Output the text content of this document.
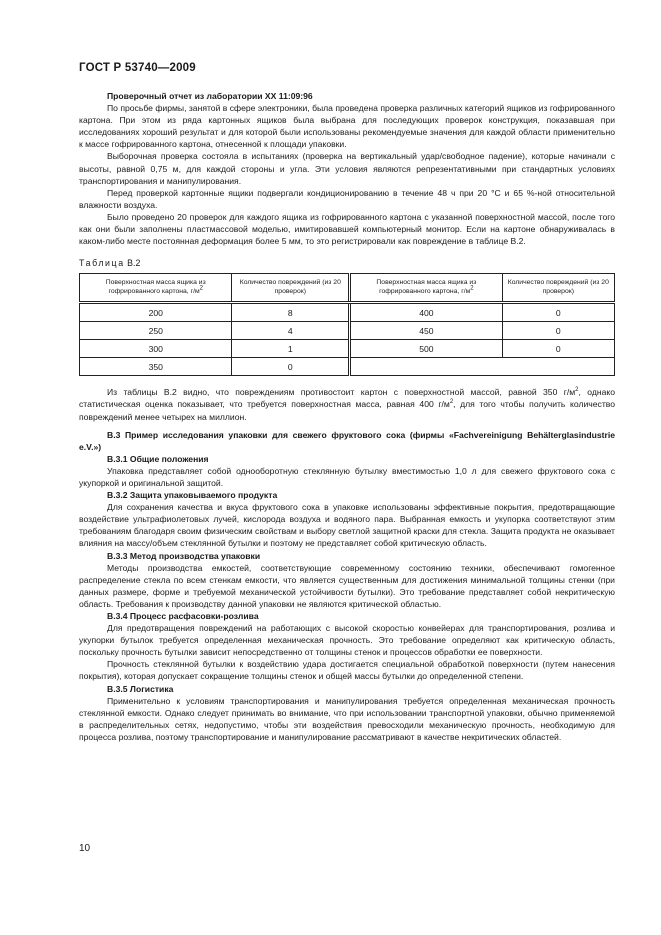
ГОСТ Р 53740—2009

Проверочный отчет из лаборатории XX 11:09:96

По просьбе фирмы, занятой в сфере электроники, была проведена проверка различных категорий ящиков из гофрированного картона. При этом из ряда картонных ящиков была выбрана для последующих проверок конструкция, показавшая при исследованиях хороший результат и для которой были использованы рекомендуемые значения для каждой области применительно к массе гофрированного картона, отнесенной к площади упаковки.

Выборочная проверка состояла в испытаниях (проверка на вертикальный удар/свободное падение), которые начинали с высоты, равной 0,75 м, для каждой стороны и угла. Эти условия являются репрезентативными при стандартных условиях транспортирования и манипулирования.

Перед проверкой картонные ящики подвергали кондиционированию в течение 48 ч при 20 °С и 65 %-ной относительной влажности воздуха.

Было проведено 20 проверок для каждого ящика из гофрированного картона с указанной поверхностной массой, после того как они были заполнены пластмассовой моделью, имитировавшей компьютерный монитор. Если на картоне обнаруживалась в каком-либо месте постоянная деформация более 5 мм, то это регистрировали как повреждение в таблице В.2.

Таблица В.2
Поверхностная масса ящика из гофрированного картона, $г/м^2$	Количество повреждений (из 20 проверок)	Поверхностная масса ящика из гофрированного картона, $г/м^2$	Количество повреждений (из 20 проверок)
200	8	400	0
250	4	450	0
300	1	500	0
350	0		

Из таблицы В.2 видно, что повреждениям противостоит картон с поверхностной массой, равной 350 $г/м^2$, однако статистическая оценка показывает, что требуется поверхностная масса, равная 400 $г/м^2$, для того чтобы получить количество повреждений менее четырех на миллион.

В.3 Пример исследования упаковки для свежего фруктового сока (фирмы «Fachvereinigung Behälterglasindustrie e.V.»)

В.3.1 Общие положения

Упаковка представляет собой однооборотную стеклянную бутылку вместимостью 1,0 л для свежего фруктового сока с укупоркой и оригинальной защитой.

В.3.2 Защита упаковываемого продукта

Для сохранения качества и вкуса фруктового сока в упаковке использованы эффективные покрытия, предотвращающие воздействие ультрафиолетовых лучей, кислорода воздуха и водяного пара. Выбранная емкость и укупорка соответствуют этим требованиям благодаря своим физическим свойствам и выбору светлой защитной краски для стекла. Защита продукта не оказывает влияния на массу/объем стеклянной бутылки и поэтому не представляет собой критическую область.

В.3.3 Метод производства упаковки

Методы производства емкостей, соответствующие современному состоянию техники, обеспечивают гомогенное распределение стекла по всем стенкам емкости, что является существенным для достижения минимальной толщины стенки (при данных размере, форме и требуемой механической устойчивости бутылки). Это требование представляет собой некритическую область. Требования к производству данной упаковки не являются критической областью.

В.3.4 Процесс расфасовки-розлива

Для предотвращения повреждений на работающих с высокой скоростью конвейерах для транспортирования, розлива и укупорки бутылок требуется определенная механическая прочность. Это требование определяют как критическую область, поскольку прочность бутылки зависит непосредственно от толщины стенок и процессов обработки ее поверхности.

Прочность стеклянной бутылки к воздействию удара достигается специальной обработкой поверхности (путем нанесения покрытия), которая допускает сокращение толщины стенок и общей массы бутылки до определенной степени.

В.3.5 Логистика

Применительно к условиям транспортирования и манипулирования требуется определенная механическая прочность стеклянной емкости. Однако следует принимать во внимание, что при использовании транспортной упаковки, обычно применяемой в распределительных сетях, недопустимо, чтобы эти воздействия превосходили механическую прочность, необходимую для процесса розлива, поэтому транспортирование и манипулирование рассматривают в качестве некритических областей.

10
